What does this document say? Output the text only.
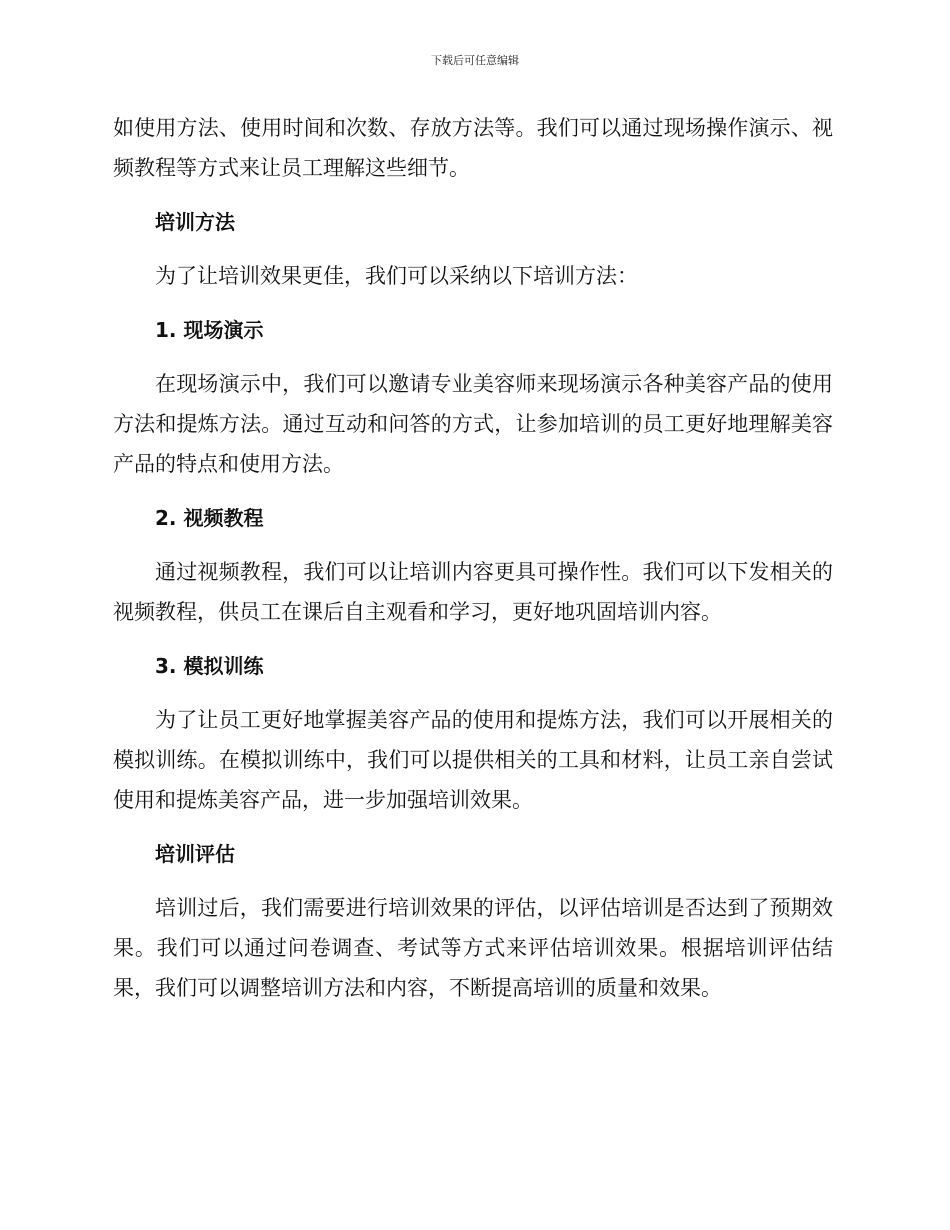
下载后可任意编辑

如使用方法、使用时间和次数、存放方法等。我们可以通过现场操作演示、视频教程等方式来让员工理解这些细节。

培训方法

为了让培训效果更佳，我们可以采纳以下培训方法：

1. 现场演示

在现场演示中，我们可以邀请专业美容师来现场演示各种美容产品的使用方法和提炼方法。通过互动和问答的方式，让参加培训的员工更好地理解美容产品的特点和使用方法。

2. 视频教程

通过视频教程，我们可以让培训内容更具可操作性。我们可以下发相关的视频教程，供员工在课后自主观看和学习，更好地巩固培训内容。

3. 模拟训练

为了让员工更好地掌握美容产品的使用和提炼方法，我们可以开展相关的模拟训练。在模拟训练中，我们可以提供相关的工具和材料，让员工亲自尝试使用和提炼美容产品，进一步加强培训效果。

培训评估

培训过后，我们需要进行培训效果的评估，以评估培训是否达到了预期效果。我们可以通过问卷调查、考试等方式来评估培训效果。根据培训评估结果，我们可以调整培训方法和内容，不断提高培训的质量和效果。
